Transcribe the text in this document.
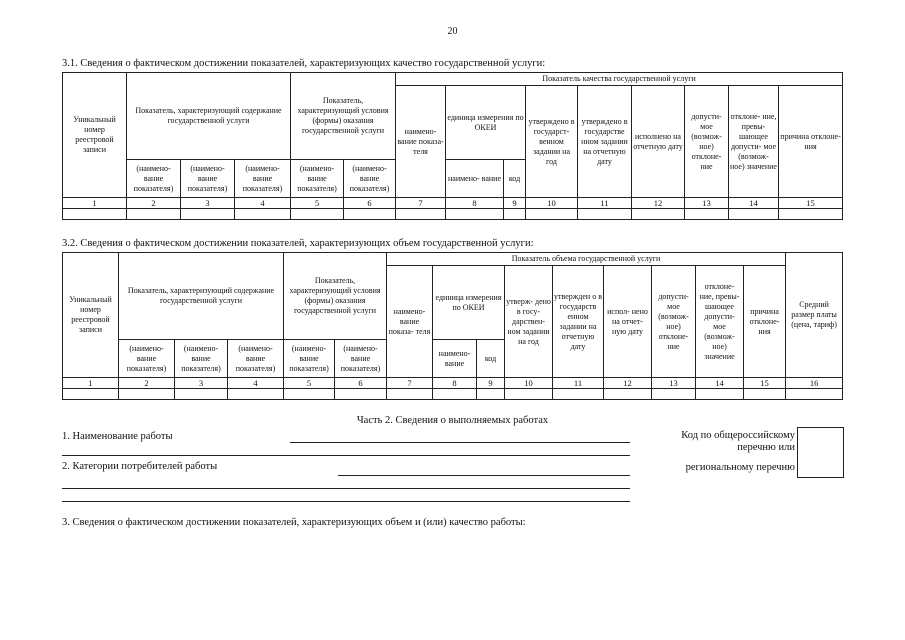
20
3.1. Сведения о фактическом достижении показателей, характеризующих качество государственной услуги:
Уникальный номер реестровой записи	Показатель, характеризующий содержание государственной услуги			Показатель, характеризующий условия (формы) оказания государственной услуги		Показатель качества государственной услуги								
						наимено- вание показа- теля	единица измерения по ОКЕИ		утверждено в государст- венном задании на год	утверждено в государстве нном задании на отчетную дату	исполнено на отчетную дату	допусти- мое (возмож- ное) отклоне- ние	отклоне- ние, превы- шающее допусти- мое (возмож- ное) значение	причина отклоне- ния
	(наимено- вание показателя)	(наимено- вание показателя)	(наимено- вание показателя)	(наимено- вание показателя)	(наимено- вание показателя)		наимено- вание	код						
1	2	3	4	5	6	7	8	9	10	11	12	13	14	15

3.2. Сведения о фактическом достижении показателей, характеризующих объем государственной услуги:
Уникальный номер реестровой записи	Показатель, характеризующий содержание государственной услуги			Показатель, характеризующий условия (формы) оказания государственной услуги		Показатель объема государственной услуги									Средний размер платы (цена, тариф)
						наимено- вание показа- теля	единица измерения по ОКЕИ		утверж- дено в госу- дарствен- ном задании на год	утвержден о в государств енном задании на отчетную дату	испол- нено на отчет-ную дату	допусти- мое (возмож- ное) отклоне- ние	отклоне- ние, превы- шающее допусти- мое (возмож- ное) значение	причина отклоне- ния	
	(наимено- вание показателя)	(наимено- вание показателя)	(наимено- вание показателя)	(наимено- вание показателя)	(наимено- вание показателя)		наимено- вание	код							
1	2	3	4	5	6	7	8	9	10	11	12	13	14	15	16

Часть 2. Сведения о выполняемых работах
1. Наименование работы
2. Категории потребителей работы
Код по общероссийскому
перечню или
региональному перечню
3. Сведения о фактическом достижении показателей, характеризующих объем и (или) качество работы:
